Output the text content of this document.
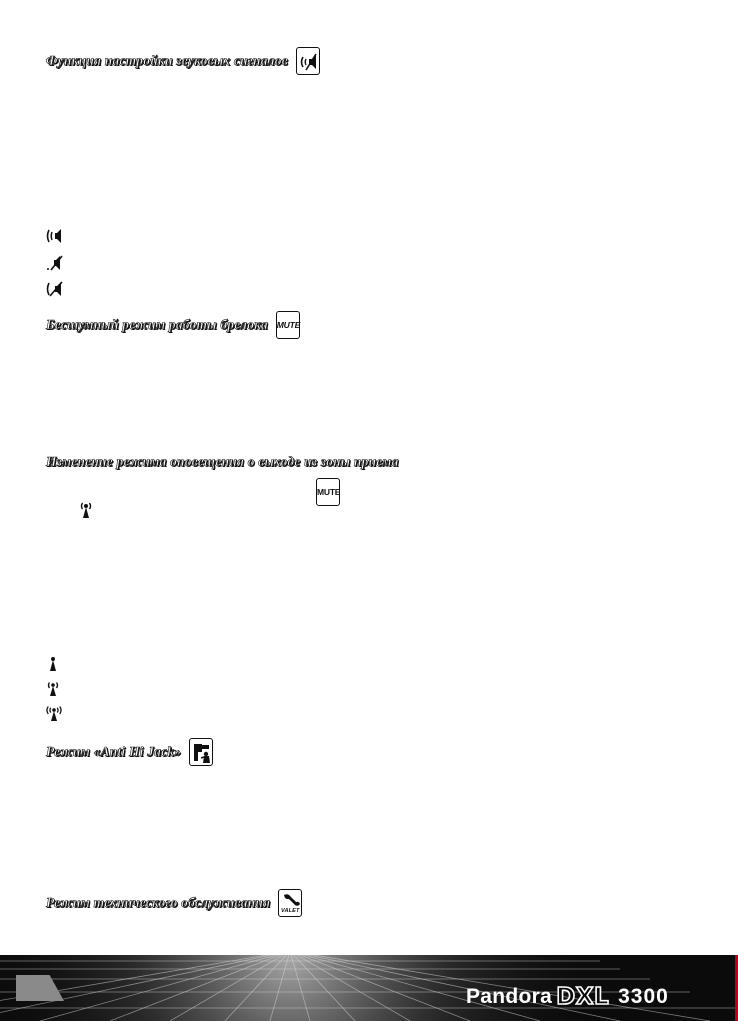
Функция настройки звуковых сигналов
Бесшумный режим работы брелока MUTE
Изменение режима оповещения о выходе из зоны приема
MUTE
Режим «Anti Hi Jack»
Режим технического обслуживания
VALET
Pandora D X L 3300
